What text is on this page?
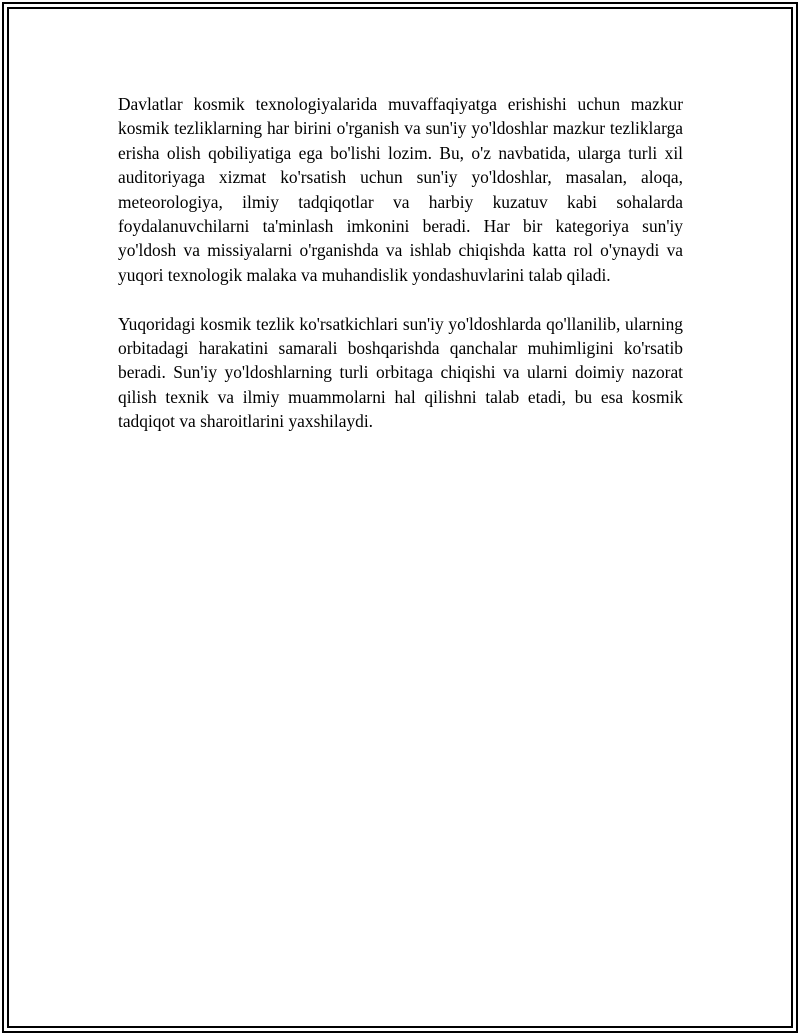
Davlatlar kosmik texnologiyalarida muvaffaqiyatga erishishi uchun mazkur kosmik tezliklarning har birini o'rganish va sun'iy yo'ldoshlar mazkur tezliklarga erisha olish qobiliyatiga ega bo'lishi lozim. Bu, o'z navbatida, ularga turli xil auditoriyaga xizmat ko'rsatish uchun sun'iy yo'ldoshlar, masalan, aloqa, meteorologiya, ilmiy tadqiqotlar va harbiy kuzatuv kabi sohalarda foydalanuvchilarni ta'minlash imkonini beradi. Har bir kategoriya sun'iy yo'ldosh va missiyalarni o'rganishda va ishlab chiqishda katta rol o'ynaydi va yuqori texnologik malaka va muhandislik yondashuvlarini talab qiladi.

Yuqoridagi kosmik tezlik ko'rsatkichlari sun'iy yo'ldoshlarda qo'llanilib, ularning orbitadagi harakatini samarali boshqarishda qanchalar muhimligini ko'rsatib beradi. Sun'iy yo'ldoshlarning turli orbitaga chiqishi va ularni doimiy nazorat qilish texnik va ilmiy muammolarni hal qilishni talab etadi, bu esa kosmik tadqiqot va sharoitlarini yaxshilaydi.
